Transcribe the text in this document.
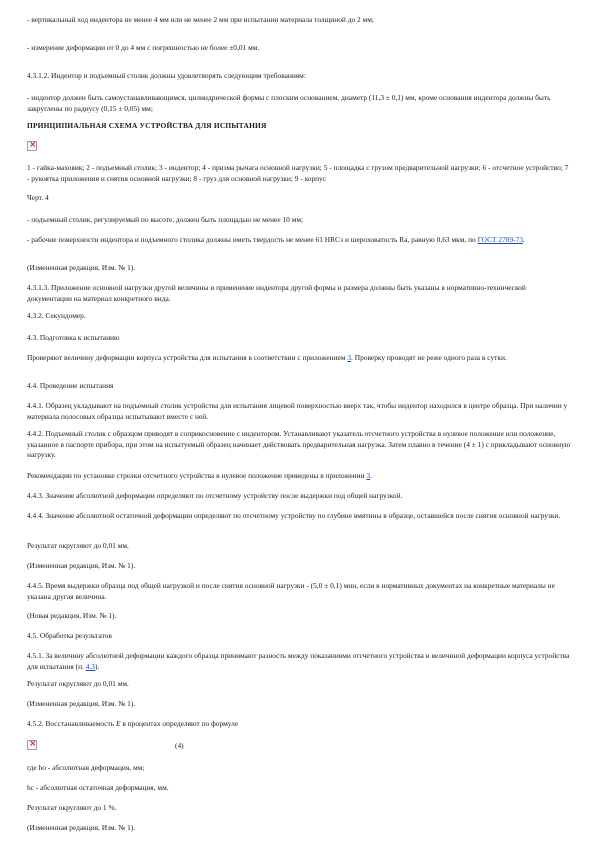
- вертикальный ход индентора не менее 4 мм или не менее 2 мм при испытании материала толщиной до 2 мм;
- измерение деформации от 0 до 4 мм с погрешностью не более ±0,01 мм.
4.3.1.2. Индентор и подъемный столик должны удовлетворять следующим требованиям:
- индентор должен быть самоустанавливающимся, цилиндрической формы с плоским основанием, диаметр (11,3 ± 0,1) мм, кроме основания индентора должны быть закруглены по радиусу (0,15 ± 0,05) мм;
ПРИНЦИПИАЛЬНАЯ СХЕМА УСТРОЙСТВА ДЛЯ ИСПЫТАНИЯ
×
1 - гайка-маховик; 2 - подъемный столик; 3 - индентор; 4 - призма рычага основной нагрузки; 5 - площадка с грузом предварительной нагрузки; 6 - отсчетное устройство; 7 - рукоятка приложения и снятия основной нагрузки; 8 - груз для основной нагрузки; 9 - корпус
Черт. 4
- подъемный столик, регулируемый по высоте, должен быть площадью не менее 10 мм;
- рабочие поверхности индентора и подъемного столика должны иметь твердость не менее 61 HRCэ и шероховатость Ra, равную 0,63 мкм, по ГОСТ 2789-73.
(Измененная редакция, Изм. № 1).
4.3.1.3. Приложение основной нагрузки другой величины и применение индентора другой формы и размера должны быть указаны в нормативно-технической документации на материал конкретного вида.
4.3.2. Секундомер.
4.3. Подготовка к испытанию
Проверяют величину деформации корпуса устройства для испытания в соответствии с приложением 3. Проверку проводят не реже одного раза в сутки.
4.4. Проведение испытания
4.4.1. Образец укладывают на подъемный столик устройства для испытания лицевой поверхностью вверх так, чтобы индентор находился в центре образца. При наличии у материала полосовых образцы испытывают вместе с ней.
4.4.2. Подъемный столик с образцом приводят в соприкосновение с индентором. Устанавливают указатель отсчетного устройства в нулевое положение или положение, указанное в паспорте прибора, при этом на испытуемый образец начинает действовать предварительная нагрузка. Затем плавно в течение (4 ± 1) с прикладывают основную нагрузку.
Рекомендации по установке стрелки отсчетного устройства в нулевое положение приведены в приложении 3.
4.4.3. Значение абсолютной деформации определяют по отсчетному устройству после выдержки под общей нагрузкой.
4.4.4. Значение абсолютной остаточной деформации определяют по отсчетному устройству по глубине вмятины в образце, оставшейся после снятия основной нагрузки.
Результат округляют до 0,01 мм.
(Измененная редакция, Изм. № 1).
4.4.5. Время выдержки образца под общей нагрузкой и после снятия основной нагрузки - (5,0 ± 0,1) мин, если в нормативных документах на конкретные материалы не указана другая величина.
(Новая редакция, Изм. № 1).
4.5. Обработка результатов
4.5.1. За величину абсолютной деформации каждого образца принимают разность между показаниями отсчетного устройства и величиной деформации корпуса устройства для испытания (п. 4.3).
Результат округляют до 0,01 мм.
(Измененная редакция, Изм. № 1).
4.5.2. Восстанавливаемость E в процентах определяют по формуле
×
(4)
где hο - абсолютная деформация, мм;
hс - абсолютная остаточная деформация, мм.
Результат округляют до 1 %.
(Измененная редакция, Изм. № 1).
